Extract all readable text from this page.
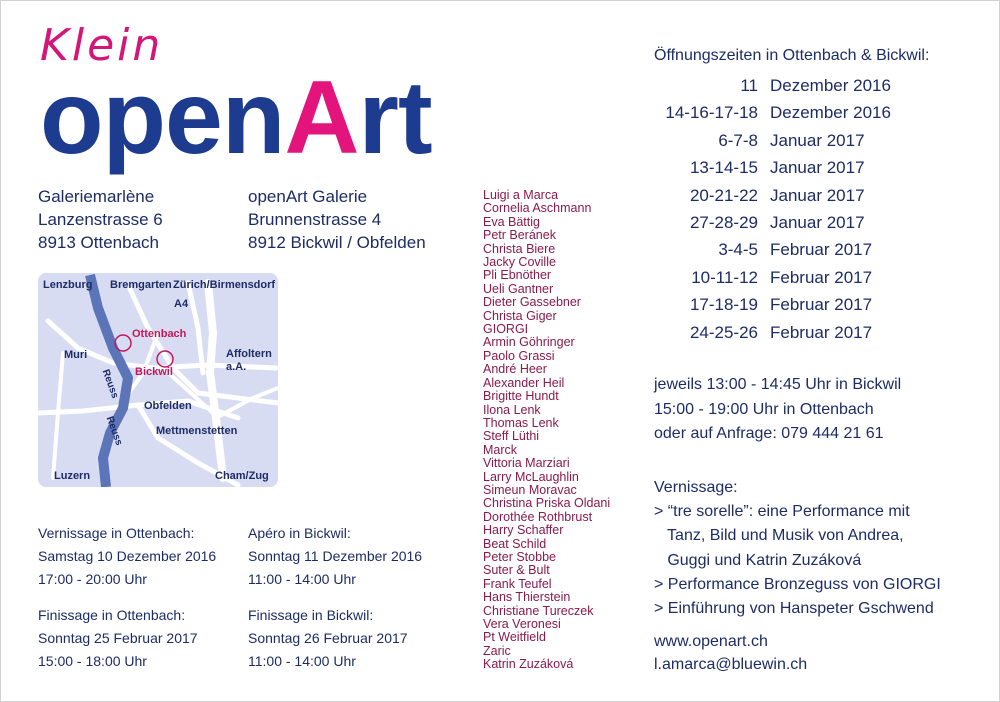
Klein
openArt
Galeriemarlène
Lanzenstrasse 6
8913 Ottenbach
openArt Galerie
Brunnenstrasse 4
8912 Bickwil / Obfelden
Lenzburg Bremgarten Zürich/Birmensdorf
A4
Ottenbach
Muri	Affoltern
a.A.
Bickwil
Reuss
Obfelden
Reuss	Mettmenstetten
Luzern	Cham/Zug
Vernissage in Ottenbach:
Samstag 10 Dezember 2016
17:00 - 20:00 Uhr
Apéro in Bickwil:
Sonntag 11 Dezember 2016
11:00 - 14:00 Uhr
Finissage in Ottenbach:
Sonntag 25 Februar 2017
15:00 - 18:00 Uhr
Finissage in Bickwil:
Sonntag 26 Februar 2017
11:00 - 14:00 Uhr
Luigi a Marca
Cornelia Aschmann
Eva Bättig
Petr Beránek
Christa Biere
Jacky Coville
Pli Ebnöther
Ueli Gantner
Dieter Gassebner
Christa Giger
GIORGI
Armin Göhringer
Paolo Grassi
André Heer
Alexander Heil
Brigitte Hundt
Ilona Lenk
Thomas Lenk
Steff Lüthi
Marck
Vittoria Marziari
Larry McLaughlin
Simeun Moravac
Christina Priska Oldani
Dorothée Rothbrust
Harry Schaffer
Beat Schild
Peter Stobbe
Suter & Bult
Frank Teufel
Hans Thierstein
Christiane Tureczek
Vera Veronesi
Pt Weitfield
Zaric
Katrin Zuzáková
Öffnungszeiten in Ottenbach & Bickwil:
11 Dezember 2016
14-16-17-18 Dezember 2016
6-7-8 Januar 2017
13-14-15 Januar 2017
20-21-22 Januar 2017
27-28-29 Januar 2017
3-4-5 Februar 2017
10-11-12 Februar 2017
17-18-19 Februar 2017
24-25-26 Februar 2017
jeweils 13:00 - 14:45 Uhr in Bickwil
15:00 - 19:00 Uhr in Ottenbach
oder auf Anfrage: 079 444 21 61
Vernissage:
> “tre sorelle”: eine Performance mit
Tanz, Bild und Musik von Andrea,
Guggi und Katrin Zuzáková
> Performance Bronzeguss von GIORGI
> Einführung von Hanspeter Gschwend
www.openart.ch
l.amarca@bluewin.ch
